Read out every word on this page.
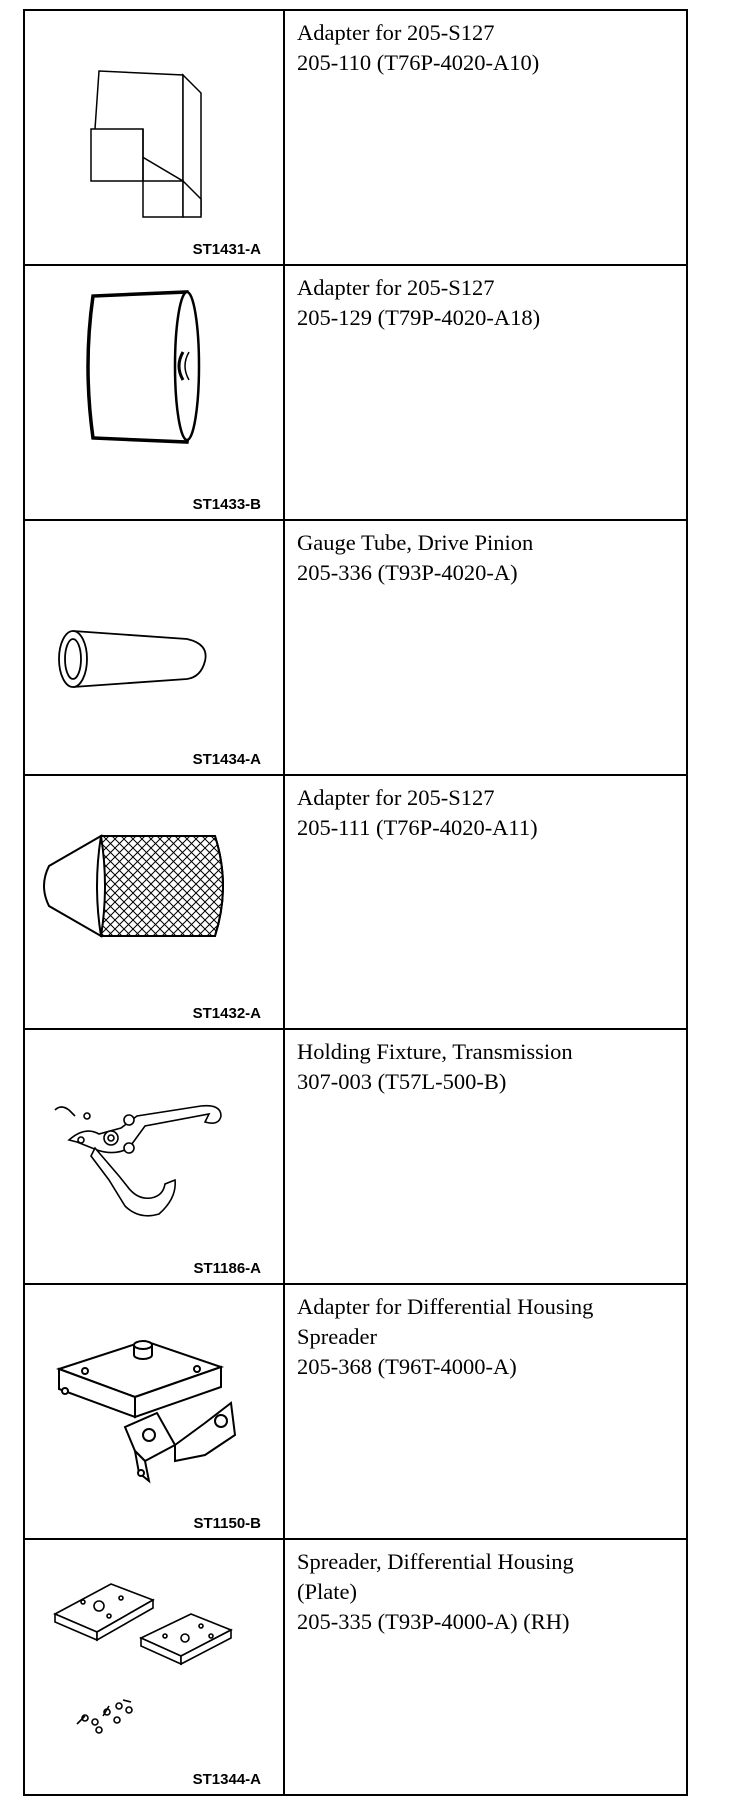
ST1431-A	Adapter for 205-S127
205-110 (T76P-4020-A10)

ST1433-B	Adapter for 205-S127
205-129 (T79P-4020-A18)

ST1434-A	Gauge Tube, Drive Pinion
205-336 (T93P-4020-A)

ST1432-A	Adapter for 205-S127
205-111 (T76P-4020-A11)

ST1186-A	Holding Fixture, Transmission
307-003 (T57L-500-B)

ST1150-B	Adapter for Differential Housing
Spreader
205-368 (T96T-4000-A)

ST1344-A	Spreader, Differential Housing
(Plate)
205-335 (T93P-4000-A) (RH)
